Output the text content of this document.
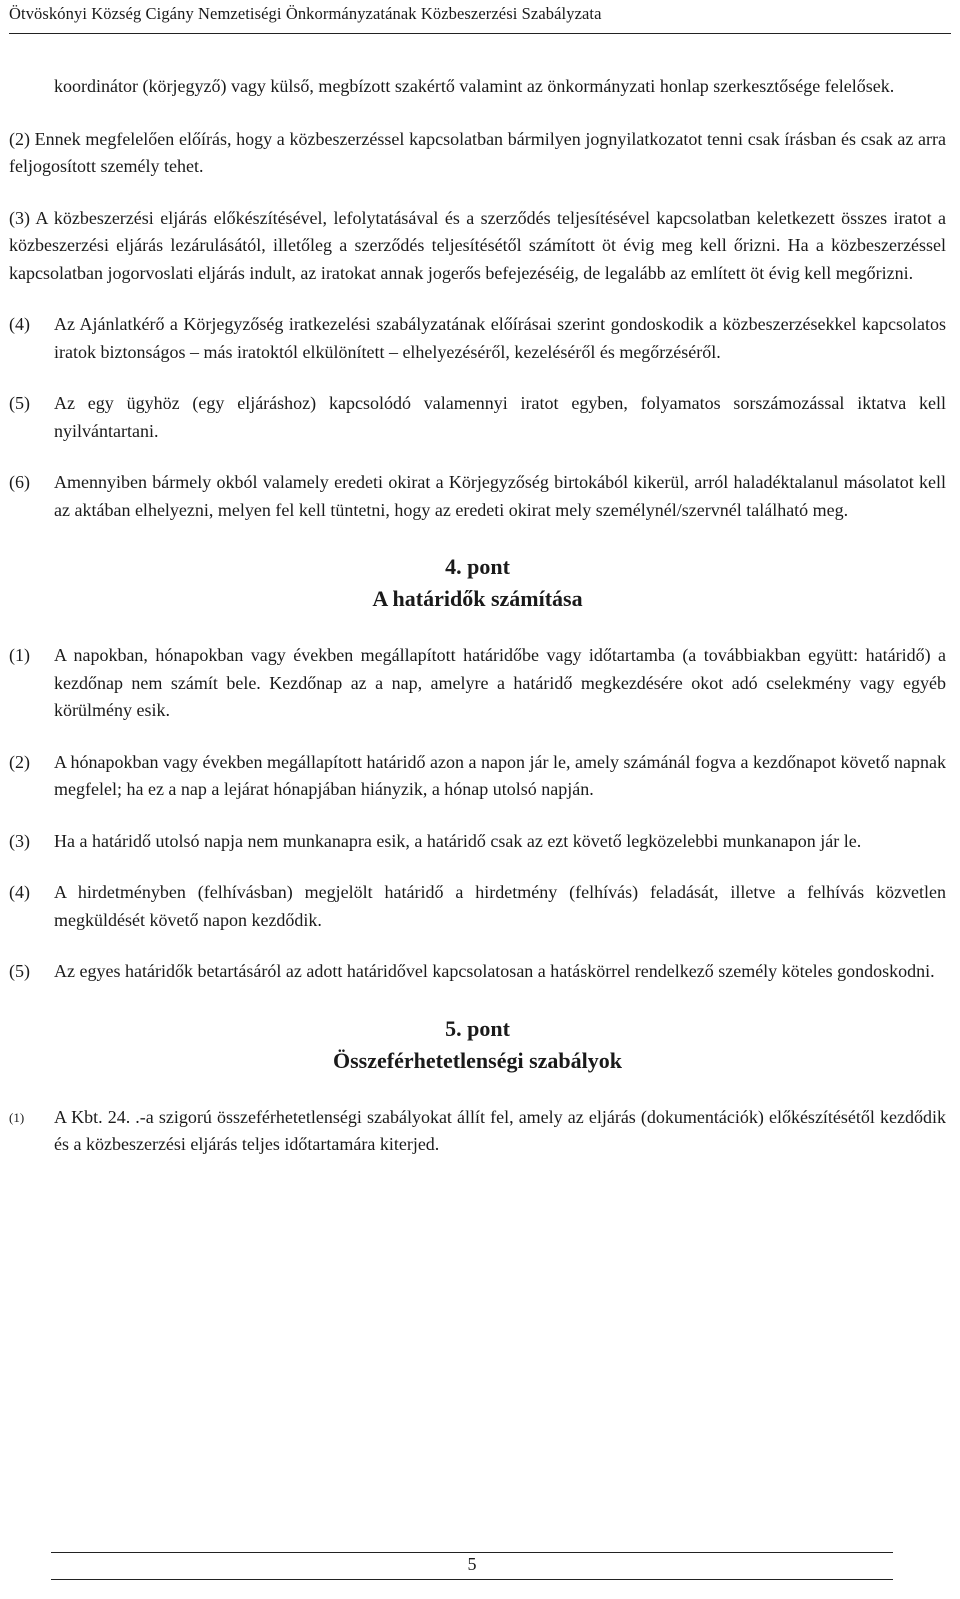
Ötvöskónyi Község Cigány Nemzetiségi Önkormányzatának Közbeszerzési Szabályzata

koordinátor (körjegyző) vagy külső, megbízott szakértő valamint az önkormányzati honlap szerkesztősége felelősek.

(2) Ennek megfelelően előírás, hogy a közbeszerzéssel kapcsolatban bármilyen jognyilatkozatot tenni csak írásban és csak az arra feljogosított személy tehet.

(3) A közbeszerzési eljárás előkészítésével, lefolytatásával és a szerződés teljesítésével kapcsolatban keletkezett összes iratot a közbeszerzési eljárás lezárulásától, illetőleg a szerződés teljesítésétől számított öt évig meg kell őrizni. Ha a közbeszerzéssel kapcsolatban jogorvoslati eljárás indult, az iratokat annak jogerős befejezéséig, de legalább az említett öt évig kell megőrizni.

(4)	Az Ajánlatkérő a Körjegyzőség iratkezelési szabályzatának előírásai szerint gondoskodik a közbeszerzésekkel kapcsolatos iratok biztonságos – más iratoktól elkülönített – elhelyezéséről, kezeléséről és megőrzéséről.
(5)	Az egy ügyhöz (egy eljáráshoz) kapcsolódó valamennyi iratot egyben, folyamatos sorszámozással iktatva kell nyilvántartani.
(6)	Amennyiben bármely okból valamely eredeti okirat a Körjegyzőség birtokából kikerül, arról haladéktalanul másolatot kell az aktában elhelyezni, melyen fel kell tüntetni, hogy az eredeti okirat mely személynél/szervnél található meg.

4. pont

A határidők számítása

(1)	A napokban, hónapokban vagy években megállapított határidőbe vagy időtartamba (a továbbiakban együtt: határidő) a kezdőnap nem számít bele. Kezdőnap az a nap, amelyre a határidő megkezdésére okot adó cselekmény vagy egyéb körülmény esik.
(2)	A hónapokban vagy években megállapított határidő azon a napon jár le, amely számánál fogva a kezdőnapot követő napnak megfelel; ha ez a nap a lejárat hónapjában hiányzik, a hónap utolsó napján.
(3)	Ha a határidő utolsó napja nem munkanapra esik, a határidő csak az ezt követő legközelebbi munkanapon jár le.
(4)	A hirdetményben (felhívásban) megjelölt határidő a hirdetmény (felhívás) feladását, illetve a felhívás közvetlen megküldését követő napon kezdődik.
(5)	Az egyes határidők betartásáról az adott határidővel kapcsolatosan a hatáskörrel rendelkező személy köteles gondoskodni.

5. pont

Összeférhetetlenségi szabályok

(1)	A Kbt. 24. .-a szigorú összeférhetetlenségi szabályokat állít fel, amely az eljárás (dokumentációk) előkészítésétől kezdődik és a közbeszerzési eljárás teljes időtartamára kiterjed.
5
